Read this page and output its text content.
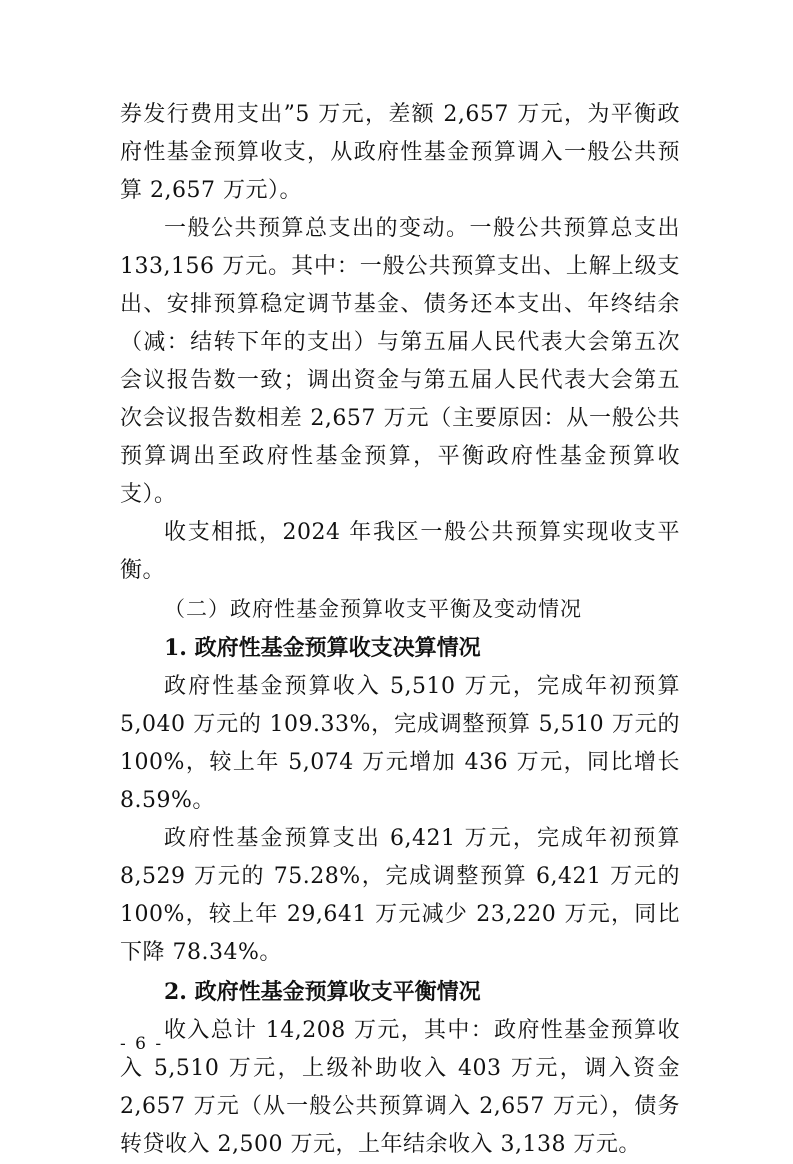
券发行费用支出”5 万元，差额 2,657 万元，为平衡政府性基金预算收支，从政府性基金预算调入一般公共预算 2,657 万元）。

一般公共预算总支出的变动。一般公共预算总支出 133,156 万元。其中：一般公共预算支出、上解上级支出、安排预算稳定调节基金、债务还本支出、年终结余（减：结转下年的支出）与第五届人民代表大会第五次会议报告数一致；调出资金与第五届人民代表大会第五次会议报告数相差 2,657 万元（主要原因：从一般公共预算调出至政府性基金预算，平衡政府性基金预算收支）。

收支相抵，2024 年我区一般公共预算实现收支平衡。

（二）政府性基金预算收支平衡及变动情况

1. 政府性基金预算收支决算情况

政府性基金预算收入 5,510 万元，完成年初预算 5,040 万元的 109.33%，完成调整预算 5,510 万元的 100%，较上年 5,074 万元增加 436 万元，同比增长 8.59%。

政府性基金预算支出 6,421 万元，完成年初预算 8,529 万元的 75.28%，完成调整预算 6,421 万元的 100%，较上年 29,641 万元减少 23,220 万元，同比下降 78.34%。

2. 政府性基金预算收支平衡情况

收入总计 14,208 万元，其中：政府性基金预算收入 5,510 万元，上级补助收入 403 万元，调入资金 2,657 万元（从一般公共预算调入 2,657 万元），债务转贷收入 2,500 万元，上年结余收入 3,138 万元。

- 6 -
